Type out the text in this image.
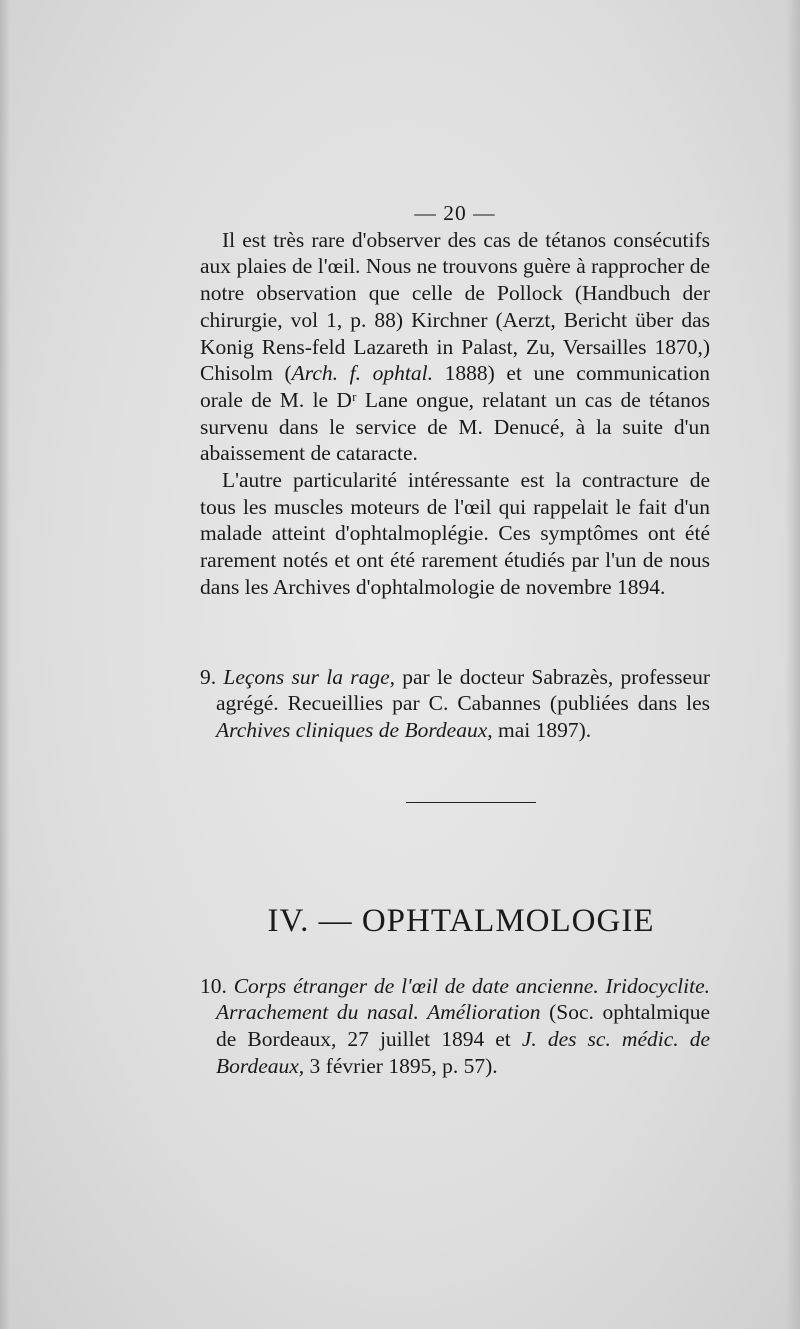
— 20 —

Il est très rare d'observer des cas de tétanos consécutifs aux plaies de l'œil. Nous ne trouvons guère à rapprocher de notre observation que celle de Pollock (Handbuch der chirurgie, vol 1, p. 88) Kirchner (Aerzt, Bericht über das Konig Rens-feld Lazareth in Palast, Zu, Versailles 1870,) Chisolm (Arch. f. ophtal. 1888) et une communication orale de M. le Dʳ Lane ongue, relatant un cas de tétanos survenu dans le service de M. Denucé, à la suite d'un abaissement de cataracte.

L'autre particularité intéressante est la contracture de tous les muscles moteurs de l'œil qui rappelait le fait d'un malade atteint d'ophtalmoplégie. Ces symptômes ont été rarement notés et ont été rarement étudiés par l'un de nous dans les Archives d'ophtalmologie de novembre 1894.

9. Leçons sur la rage, par le docteur Sabrazès, professeur agrégé. Recueillies par C. Cabannes (publiées dans les Archives cliniques de Bordeaux, mai 1897).
IV. — OPHTALMOLOGIE
10. Corps étranger de l'œil de date ancienne. Iridocyclite. Arrachement du nasal. Amélioration (Soc. ophtalmique de Bordeaux, 27 juillet 1894 et J. des sc. médic. de Bordeaux, 3 février 1895, p. 57).
